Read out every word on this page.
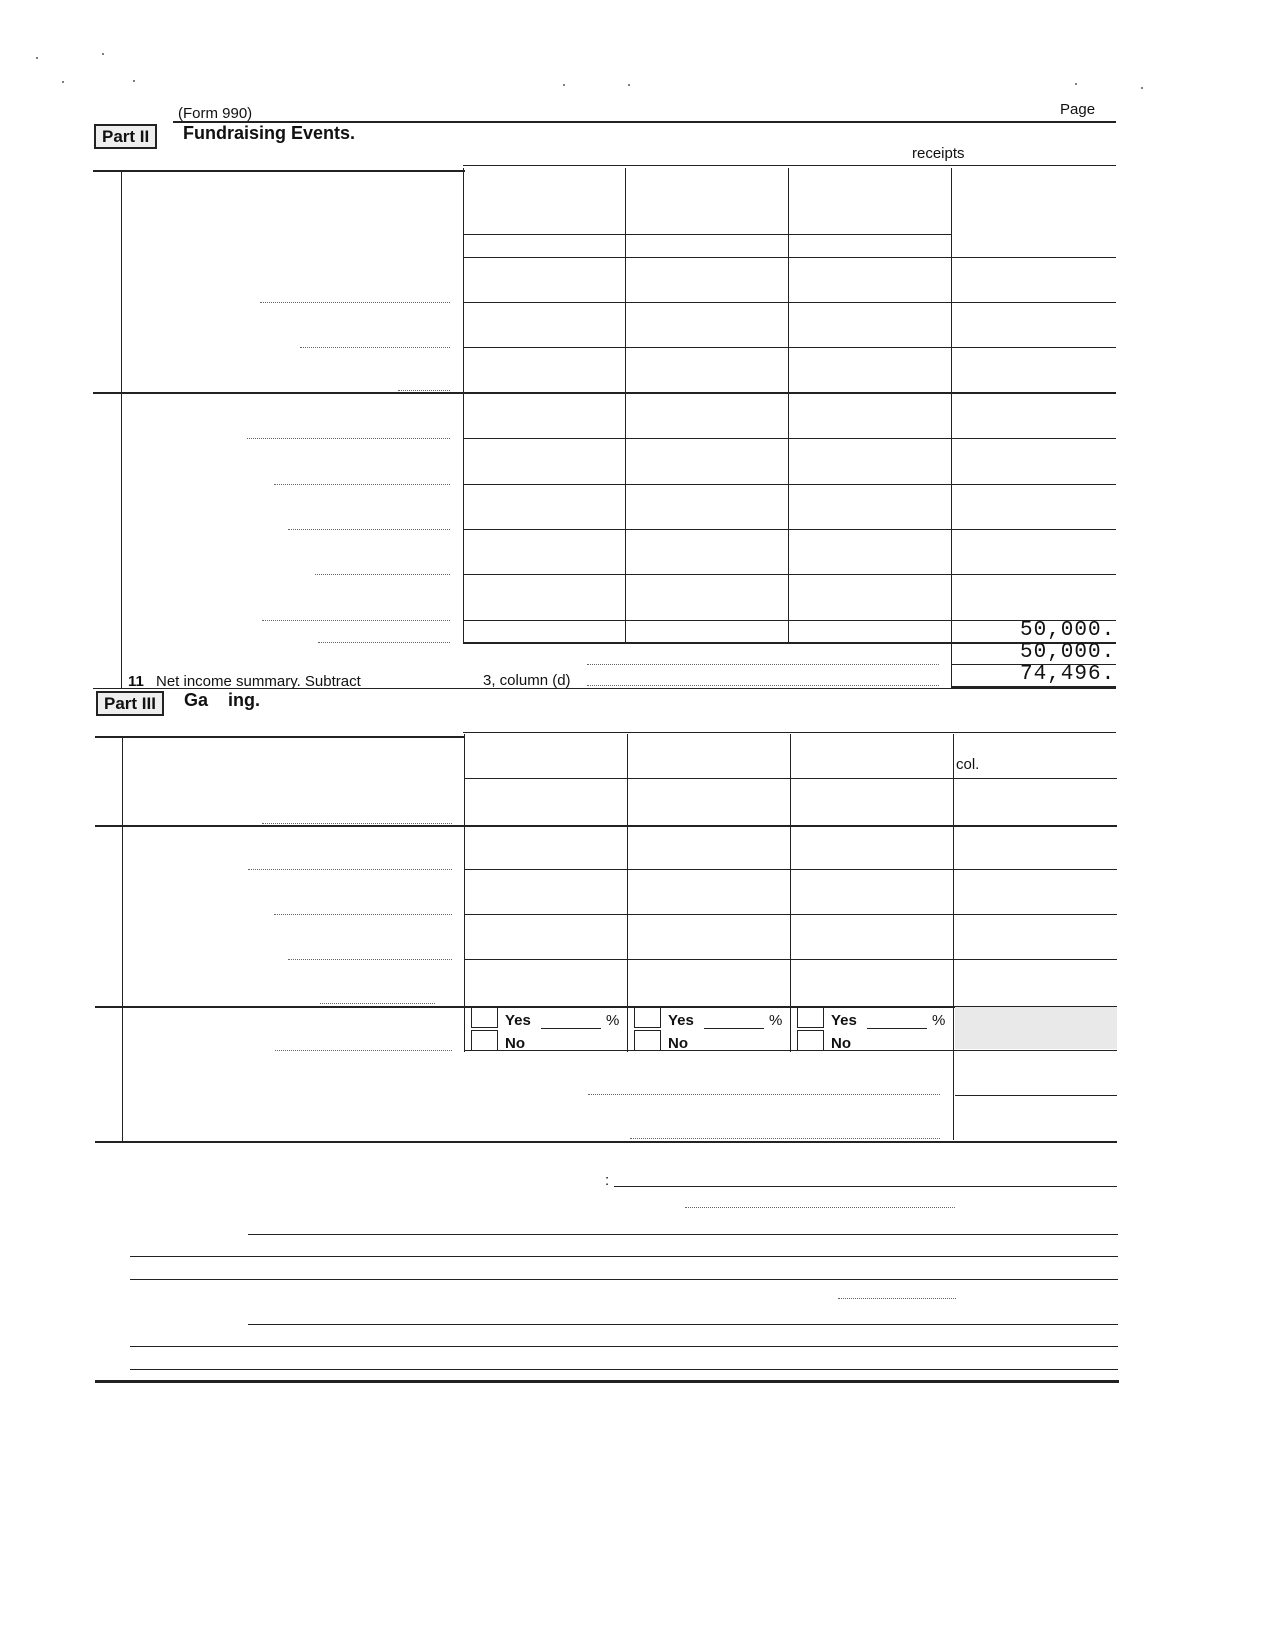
(Form 990)	Page
Part II	Fundraising Events.
receipts
50,000.
50,000.
74,496.
11 Net income summary. Subtract	3, column (d)
Part III	Ga ing.
col.
Yes	%
No
Yes	%
No
Yes	%
No
:
